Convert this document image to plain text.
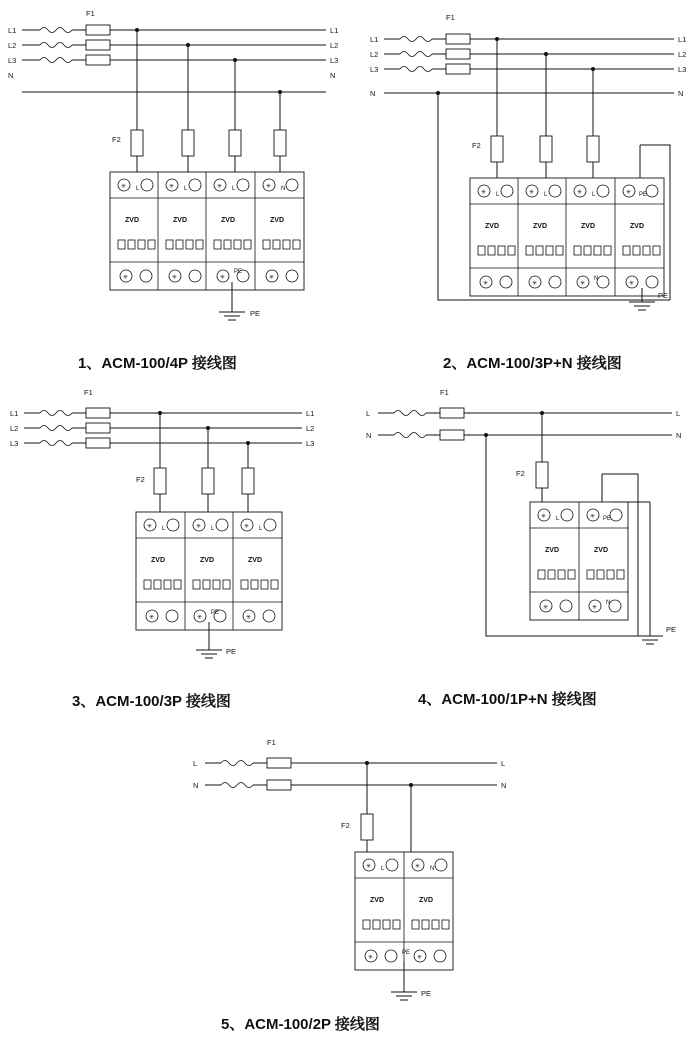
F1
L1
L2
L3
N
L1
L2
L3
N
F2
✳ L	✳ L	✳ L	✳ N
ZVD	ZVD	ZVD	ZVD
✳	✳	✳
PE
✳
PE
1、ACM-100/4P 接线图
F1
L1
L2
L3
N
L1
L2
L3
N
F2
✳ L	✳ L	✳ L	✳ PE
ZVD	ZVD	ZVD	ZVD
✳	✳	✳
N
✳
PE
2、ACM-100/3P+N 接线图
F1
L1
L2
L3
L1
L2
L3
F2
✳ L	✳ L	✳ L
ZVD	ZVD	ZVD
✳	✳
PE
✳
PE
3、ACM-100/3P 接线图
F1
L
N
L
N
F2
✳ L	✳ PE
ZVD	ZVD
✳	✳
N
PE
4、ACM-100/1P+N 接线图
F1
L
N
L
N
F2
✳ L	✳ N
ZVD	ZVD
✳
PE
✳
PE
5、ACM-100/2P 接线图
